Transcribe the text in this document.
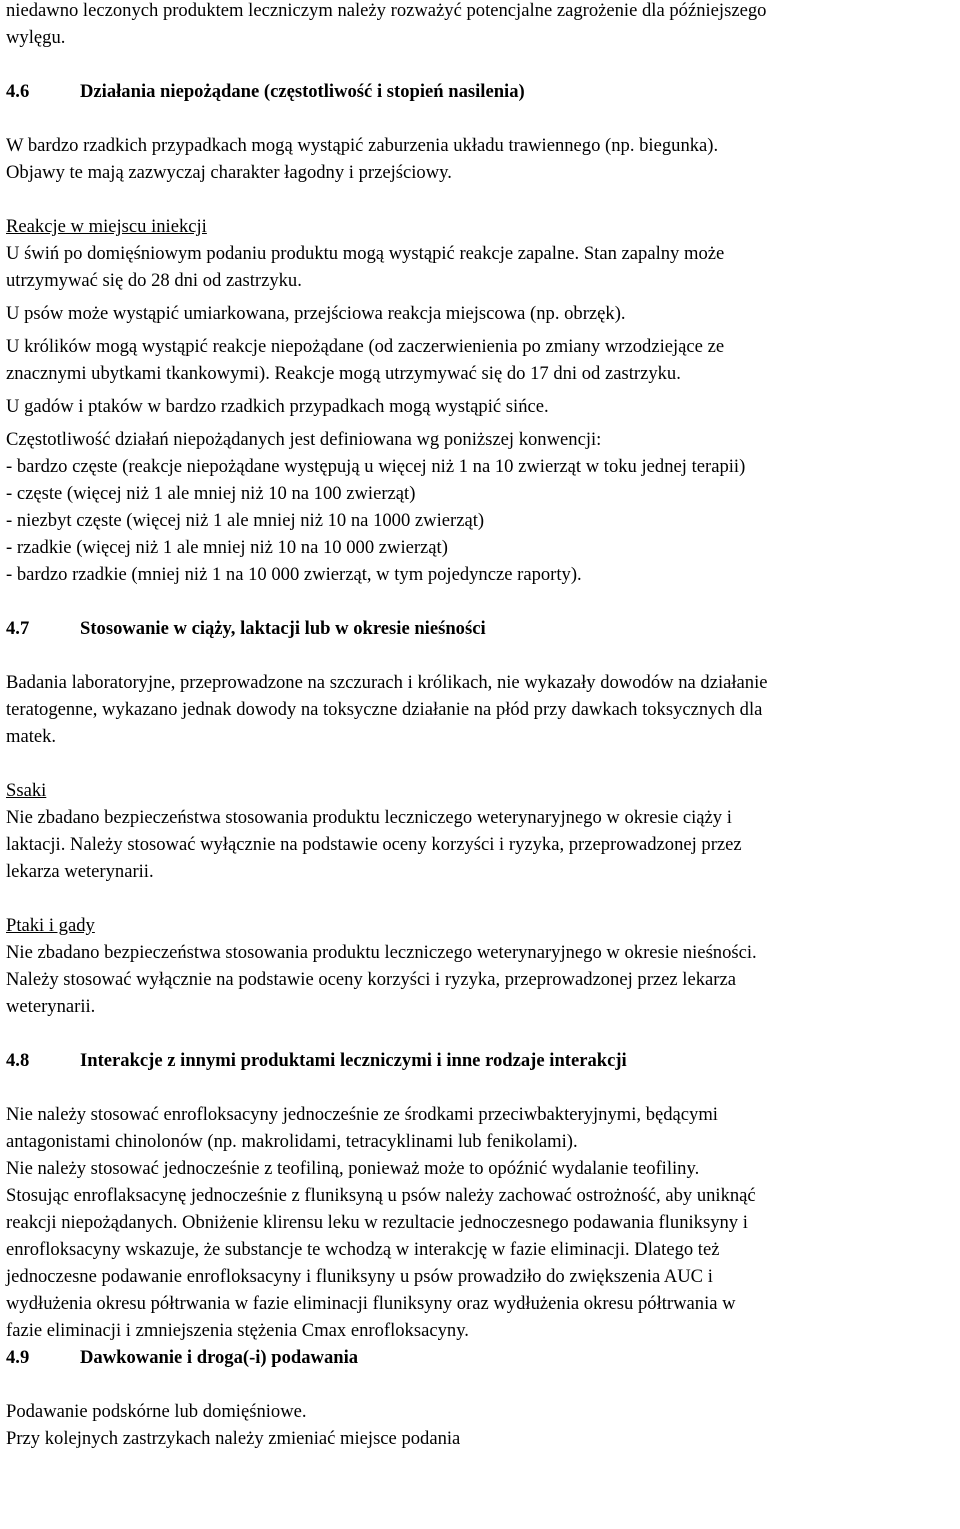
niedawno leczonych produktem leczniczym należy rozważyć potencjalne zagrożenie dla późniejszego
wylęgu.

4.6	Działania niepożądane (częstotliwość i stopień nasilenia)

W bardzo rzadkich przypadkach mogą wystąpić zaburzenia układu trawiennego (np. biegunka).
Objawy te mają zazwyczaj charakter łagodny i przejściowy.

Reakcje w miejscu iniekcji

U świń po domięśniowym podaniu produktu mogą wystąpić reakcje zapalne. Stan zapalny może
utrzymywać się do 28 dni od zastrzyku.

U psów może wystąpić umiarkowana, przejściowa reakcja miejscowa (np. obrzęk).

U królików mogą wystąpić reakcje niepożądane (od zaczerwienienia po zmiany wrzodziejące ze
znacznymi ubytkami tkankowymi). Reakcje mogą utrzymywać się do 17 dni od zastrzyku.

U gadów i ptaków w bardzo rzadkich przypadkach mogą wystąpić sińce.

Częstotliwość działań niepożądanych jest definiowana wg poniższej konwencji:
- bardzo częste (reakcje niepożądane występują u więcej niż 1 na 10 zwierząt w toku jednej terapii)
- częste (więcej niż 1 ale mniej niż 10 na 100 zwierząt)
- niezbyt częste (więcej niż 1 ale mniej niż 10 na 1000 zwierząt)
- rzadkie (więcej niż 1 ale mniej niż 10 na 10 000 zwierząt)
- bardzo rzadkie (mniej niż 1 na 10 000 zwierząt, w tym pojedyncze raporty).

4.7	Stosowanie w ciąży, laktacji lub w okresie nieśności

Badania laboratoryjne, przeprowadzone na szczurach i królikach, nie wykazały dowodów na działanie
teratogenne, wykazano jednak dowody na toksyczne działanie na płód przy dawkach toksycznych dla
matek.

Ssaki

Nie zbadano bezpieczeństwa stosowania produktu leczniczego weterynaryjnego w okresie ciąży i
laktacji. Należy stosować wyłącznie na podstawie oceny korzyści i ryzyka, przeprowadzonej przez
lekarza weterynarii.

Ptaki i gady

Nie zbadano bezpieczeństwa stosowania produktu leczniczego weterynaryjnego w okresie nieśności.
Należy stosować wyłącznie na podstawie oceny korzyści i ryzyka, przeprowadzonej przez lekarza
weterynarii.

4.8	Interakcje z innymi produktami leczniczymi i inne rodzaje interakcji

Nie należy stosować enrofloksacyny jednocześnie ze środkami przeciwbakteryjnymi, będącymi
antagonistami chinolonów (np. makrolidami, tetracyklinami lub fenikolami).
Nie należy stosować jednocześnie z teofiliną, ponieważ może to opóźnić wydalanie teofiliny.
Stosując enroflaksacynę jednocześnie z fluniksyną u psów należy zachować ostrożność, aby uniknąć
reakcji niepożądanych. Obniżenie klirensu leku w rezultacie jednoczesnego podawania fluniksyny i
enrofloksacyny wskazuje, że substancje te wchodzą w interakcję w fazie eliminacji. Dlatego też
jednoczesne podawanie enrofloksacyny i fluniksyny u psów prowadziło do zwiększenia AUC i
wydłużenia okresu półtrwania w fazie eliminacji fluniksyny oraz wydłużenia okresu półtrwania w
fazie eliminacji i zmniejszenia stężenia Cmax enrofloksacyny.

4.9	Dawkowanie i droga(-i) podawania

Podawanie podskórne lub domięśniowe.
Przy kolejnych zastrzykach należy zmieniać miejsce podania
